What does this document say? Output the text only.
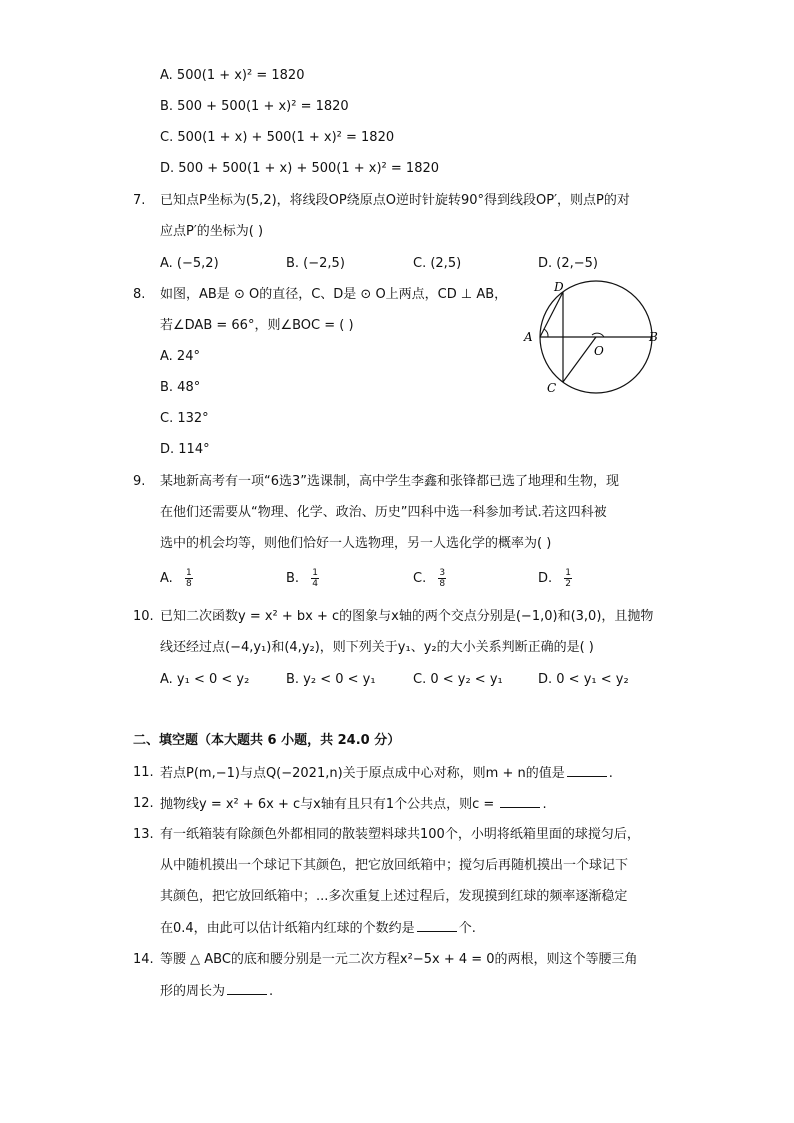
A. 500(1 + x)² = 1820
B. 500 + 500(1 + x)² = 1820
C. 500(1 + x) + 500(1 + x)² = 1820
D. 500 + 500(1 + x) + 500(1 + x)² = 1820
7. 已知点P坐标为(5,2)，将线段OP绕原点O逆时针旋转90°得到线段OP′，则点P的对
应点P′的坐标为( )
A. (−5,2)	B. (−2,5)	C. (2,5)	D. (2,−5)
8. 如图，AB是 ⊙ O的直径，C、D是 ⊙ O上两点，CD ⊥ AB，
若∠DAB = 66°，则∠BOC = ( )
A. 24°
B. 48°
C. 132°
D. 114°
D
A	B
O
C
9. 某地新高考有一项“6选3”选课制，高中学生李鑫和张锋都已选了地理和生物，现
在他们还需要从“物理、化学、政治、历史”四科中选一科参加考试.若这四科被
选中的机会均等，则他们恰好一人选物理，另一人选化学的概率为( )
A. $\frac{1}{8}$	B. $\frac{1}{4}$	C. $\frac{3}{8}$	D. $\frac{1}{2}$
10. 已知二次函数y = x² + bx + c的图象与x轴的两个交点分别是(−1,0)和(3,0)，且抛物
线还经过点(−4,y₁)和(4,y₂)，则下列关于y₁、y₂的大小关系判断正确的是( )
A. y₁ < 0 < y₂	B. y₂ < 0 < y₁	C. 0 < y₂ < y₁	D. 0 < y₁ < y₂
二、填空题（本大题共 6 小题，共 24.0 分）
11. 若点P(m,−1)与点Q(−2021,n)关于原点成中心对称，则m + n的值是	.
12. 抛物线y = x² + 6x + c与x轴有且只有1个公共点，则c =	.
13. 有一纸箱装有除颜色外都相同的散装塑料球共100个，小明将纸箱里面的球搅匀后，
从中随机摸出一个球记下其颜色，把它放回纸箱中；搅匀后再随机摸出一个球记下
其颜色，把它放回纸箱中；...多次重复上述过程后，发现摸到红球的频率逐渐稳定
在0.4，由此可以估计纸箱内红球的个数约是	个.
14. 等腰 △ ABC的底和腰分别是一元二次方程x²−5x + 4 = 0的两根，则这个等腰三角
形的周长为	.
